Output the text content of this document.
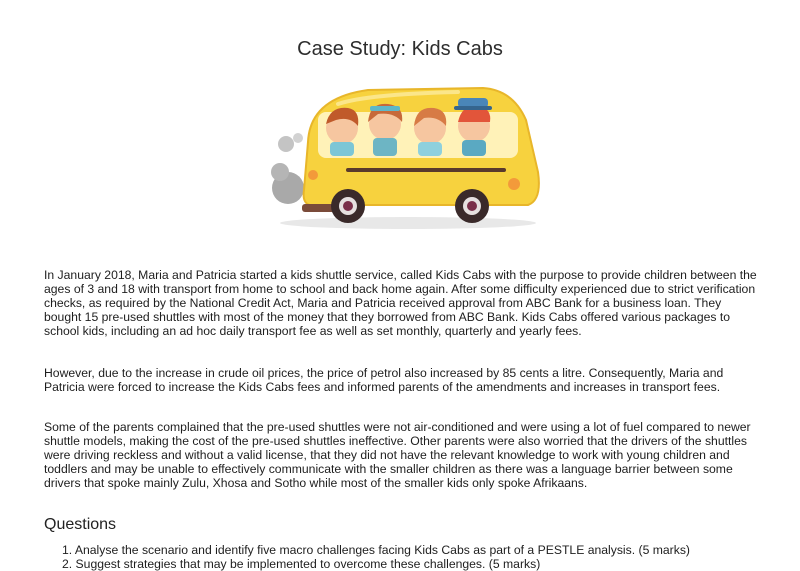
Case Study: Kids Cabs
In January 2018, Maria and Patricia started a kids shuttle service, called Kids Cabs with the purpose to provide children between the ages of 3 and 18 with transport from home to school and back home again. After some difficulty experienced due to strict verification checks, as required by the National Credit Act, Maria and Patricia received approval from ABC Bank for a business loan. They bought 15 pre-used shuttles with most of the money that they borrowed from ABC Bank. Kids Cabs offered various packages to school kids, including an ad hoc daily transport fee as well as set monthly, quarterly and yearly fees.
However, due to the increase in crude oil prices, the price of petrol also increased by 85 cents a litre. Consequently, Maria and Patricia were forced to increase the Kids Cabs fees and informed parents of the amendments and increases in transport fees.
Some of the parents complained that the pre-used shuttles were not air-conditioned and were using a lot of fuel compared to newer shuttle models, making the cost of the pre-used shuttles ineffective. Other parents were also worried that the drivers of the shuttles were driving reckless and without a valid license, that they did not have the relevant knowledge to work with young children and toddlers and may be unable to effectively communicate with the smaller children as there was a language barrier between some drivers that spoke mainly Zulu, Xhosa and Sotho while most of the smaller kids only spoke Afrikaans.
Questions
1. Analyse the scenario and identify five macro challenges facing Kids Cabs as part of a PESTLE analysis. (5 marks)
2. Suggest strategies that may be implemented to overcome these challenges. (5 marks)
